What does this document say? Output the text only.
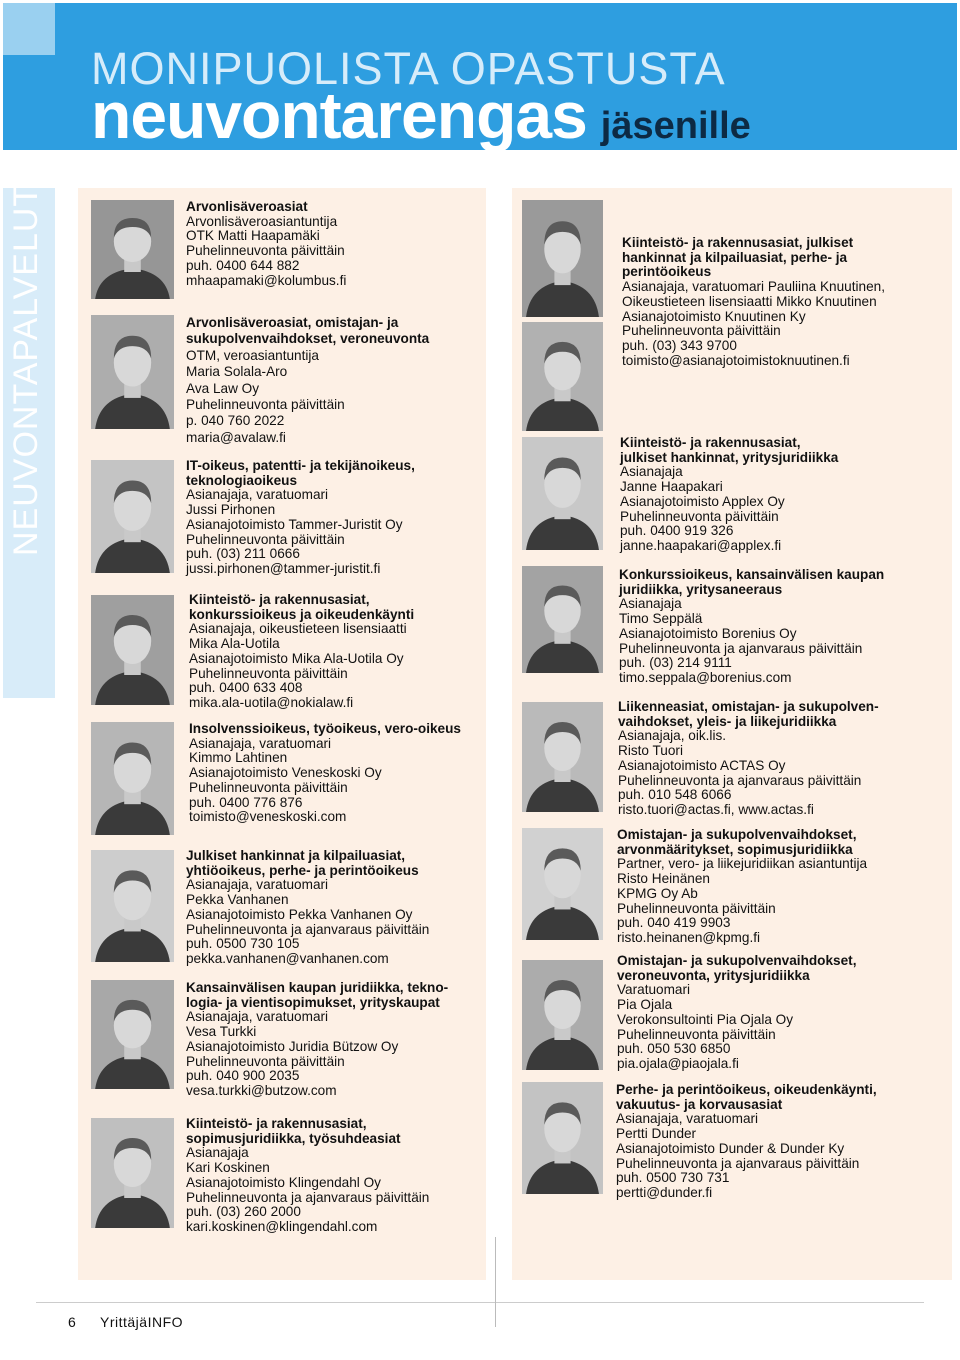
MONIPUOLISTA OPASTUSTA
neuvontarengas jäsenille
NEUVONTAPALVELUT	Arvonlisäveroasiat
Arvonlisäveroasiantuntija
OTK Matti Haapamäki
Puhelinneuvonta päivittäin
puh. 0400 644 882
mhaapamaki@kolumbus.fi
Arvonlisäveroasiat, omistajan- ja
sukupolvenvaihdokset, veroneuvonta
OTM, veroasiantuntija
Maria Solala-Aro
Ava Law Oy
Puhelinneuvonta päivittäin
p. 040 760 2022
maria@avalaw.fi
IT-oikeus, patentti- ja tekijänoikeus,
teknologiaoikeus
Asianajaja, varatuomari
Jussi Pirhonen
Asianajotoimisto Tammer-Juristit Oy
Puhelinneuvonta päivittäin
puh. (03) 211 0666
jussi.pirhonen@tammer-juristit.fi
Kiinteistö- ja rakennusasiat,
konkurssioikeus ja oikeudenkäynti
Asianajaja, oikeustieteen lisensiaatti
Mika Ala-Uotila
Asianajotoimisto Mika Ala-Uotila Oy
Puhelinneuvonta päivittäin
puh. 0400 633 408
mika.ala-uotila@nokialaw.fi
Insolvenssioikeus, työoikeus, vero-oikeus
Asianajaja, varatuomari
Kimmo Lahtinen
Asianajotoimisto Veneskoski Oy
Puhelinneuvonta päivittäin
puh. 0400 776 876
toimisto@veneskoski.com
Julkiset hankinnat ja kilpailuasiat,
yhtiöoikeus, perhe- ja perintöoikeus
Asianajaja, varatuomari
Pekka Vanhanen
Asianajotoimisto Pekka Vanhanen Oy
Puhelinneuvonta ja ajanvaraus päivittäin
puh. 0500 730 105
pekka.vanhanen@vanhanen.com
Kansainvälisen kaupan juridiikka, tekno-
logia- ja vientisopimukset, yrityskaupat
Asianajaja, varatuomari
Vesa Turkki
Asianajotoimisto Juridia Bützow Oy
Puhelinneuvonta päivittäin
puh. 040 900 2035
vesa.turkki@butzow.com
Kiinteistö- ja rakennusasiat,
sopimusjuridiikka, työsuhdeasiat
Asianajaja
Kari Koskinen
Asianajotoimisto Klingendahl Oy
Puhelinneuvonta ja ajanvaraus päivittäin
puh. (03) 260 2000
kari.koskinen@klingendahl.com
Kiinteistö- ja rakennusasiat, julkiset
hankinnat ja kilpailuasiat, perhe- ja
perintöoikeus
Asianajaja, varatuomari Pauliina Knuutinen,
Oikeustieteen lisensiaatti Mikko Knuutinen
Asianajotoimisto Knuutinen Ky
Puhelinneuvonta päivittäin
puh. (03) 343 9700
toimisto@asianajotoimistoknuutinen.fi
Kiinteistö- ja rakennusasiat,
julkiset hankinnat, yritysjuridiikka
Asianajaja
Janne Haapakari
Asianajotoimisto Applex Oy
Puhelinneuvonta päivittäin
puh. 0400 919 326
janne.haapakari@applex.fi
Konkurssioikeus, kansainvälisen kaupan
juridiikka, yritysaneeraus
Asianajaja
Timo Seppälä
Asianajotoimisto Borenius Oy
Puhelinneuvonta ja ajanvaraus päivittäin
puh. (03) 214 9111
timo.seppala@borenius.com
Liikenneasiat, omistajan- ja sukupolven-
vaihdokset, yleis- ja liikejuridiikka
Asianajaja, oik.lis.
Risto Tuori
Asianajotoimisto ACTAS Oy
Puhelinneuvonta ja ajanvaraus päivittäin
puh. 010 548 6066
risto.tuori@actas.fi, www.actas.fi
Omistajan- ja sukupolvenvaihdokset,
arvonmääritykset, sopimusjuridiikka
Partner, vero- ja liikejuridiikan asiantuntija
Risto Heinänen
KPMG Oy Ab
Puhelinneuvonta päivittäin
puh. 040 419 9903
risto.heinanen@kpmg.fi
Omistajan- ja sukupolvenvaihdokset,
veroneuvonta, yritysjuridiikka
Varatuomari
Pia Ojala
Verokonsultointi Pia Ojala Oy
Puhelinneuvonta päivittäin
puh. 050 530 6850
pia.ojala@piaojala.fi
Perhe- ja perintöoikeus, oikeudenkäynti,
vakuutus- ja korvausasiat
Asianajaja, varatuomari
Pertti Dunder
Asianajotoimisto Dunder & Dunder Ky
Puhelinneuvonta ja ajanvaraus päivittäin
puh. 0500 730 731
pertti@dunder.fi
6 YrittäjäINFO
